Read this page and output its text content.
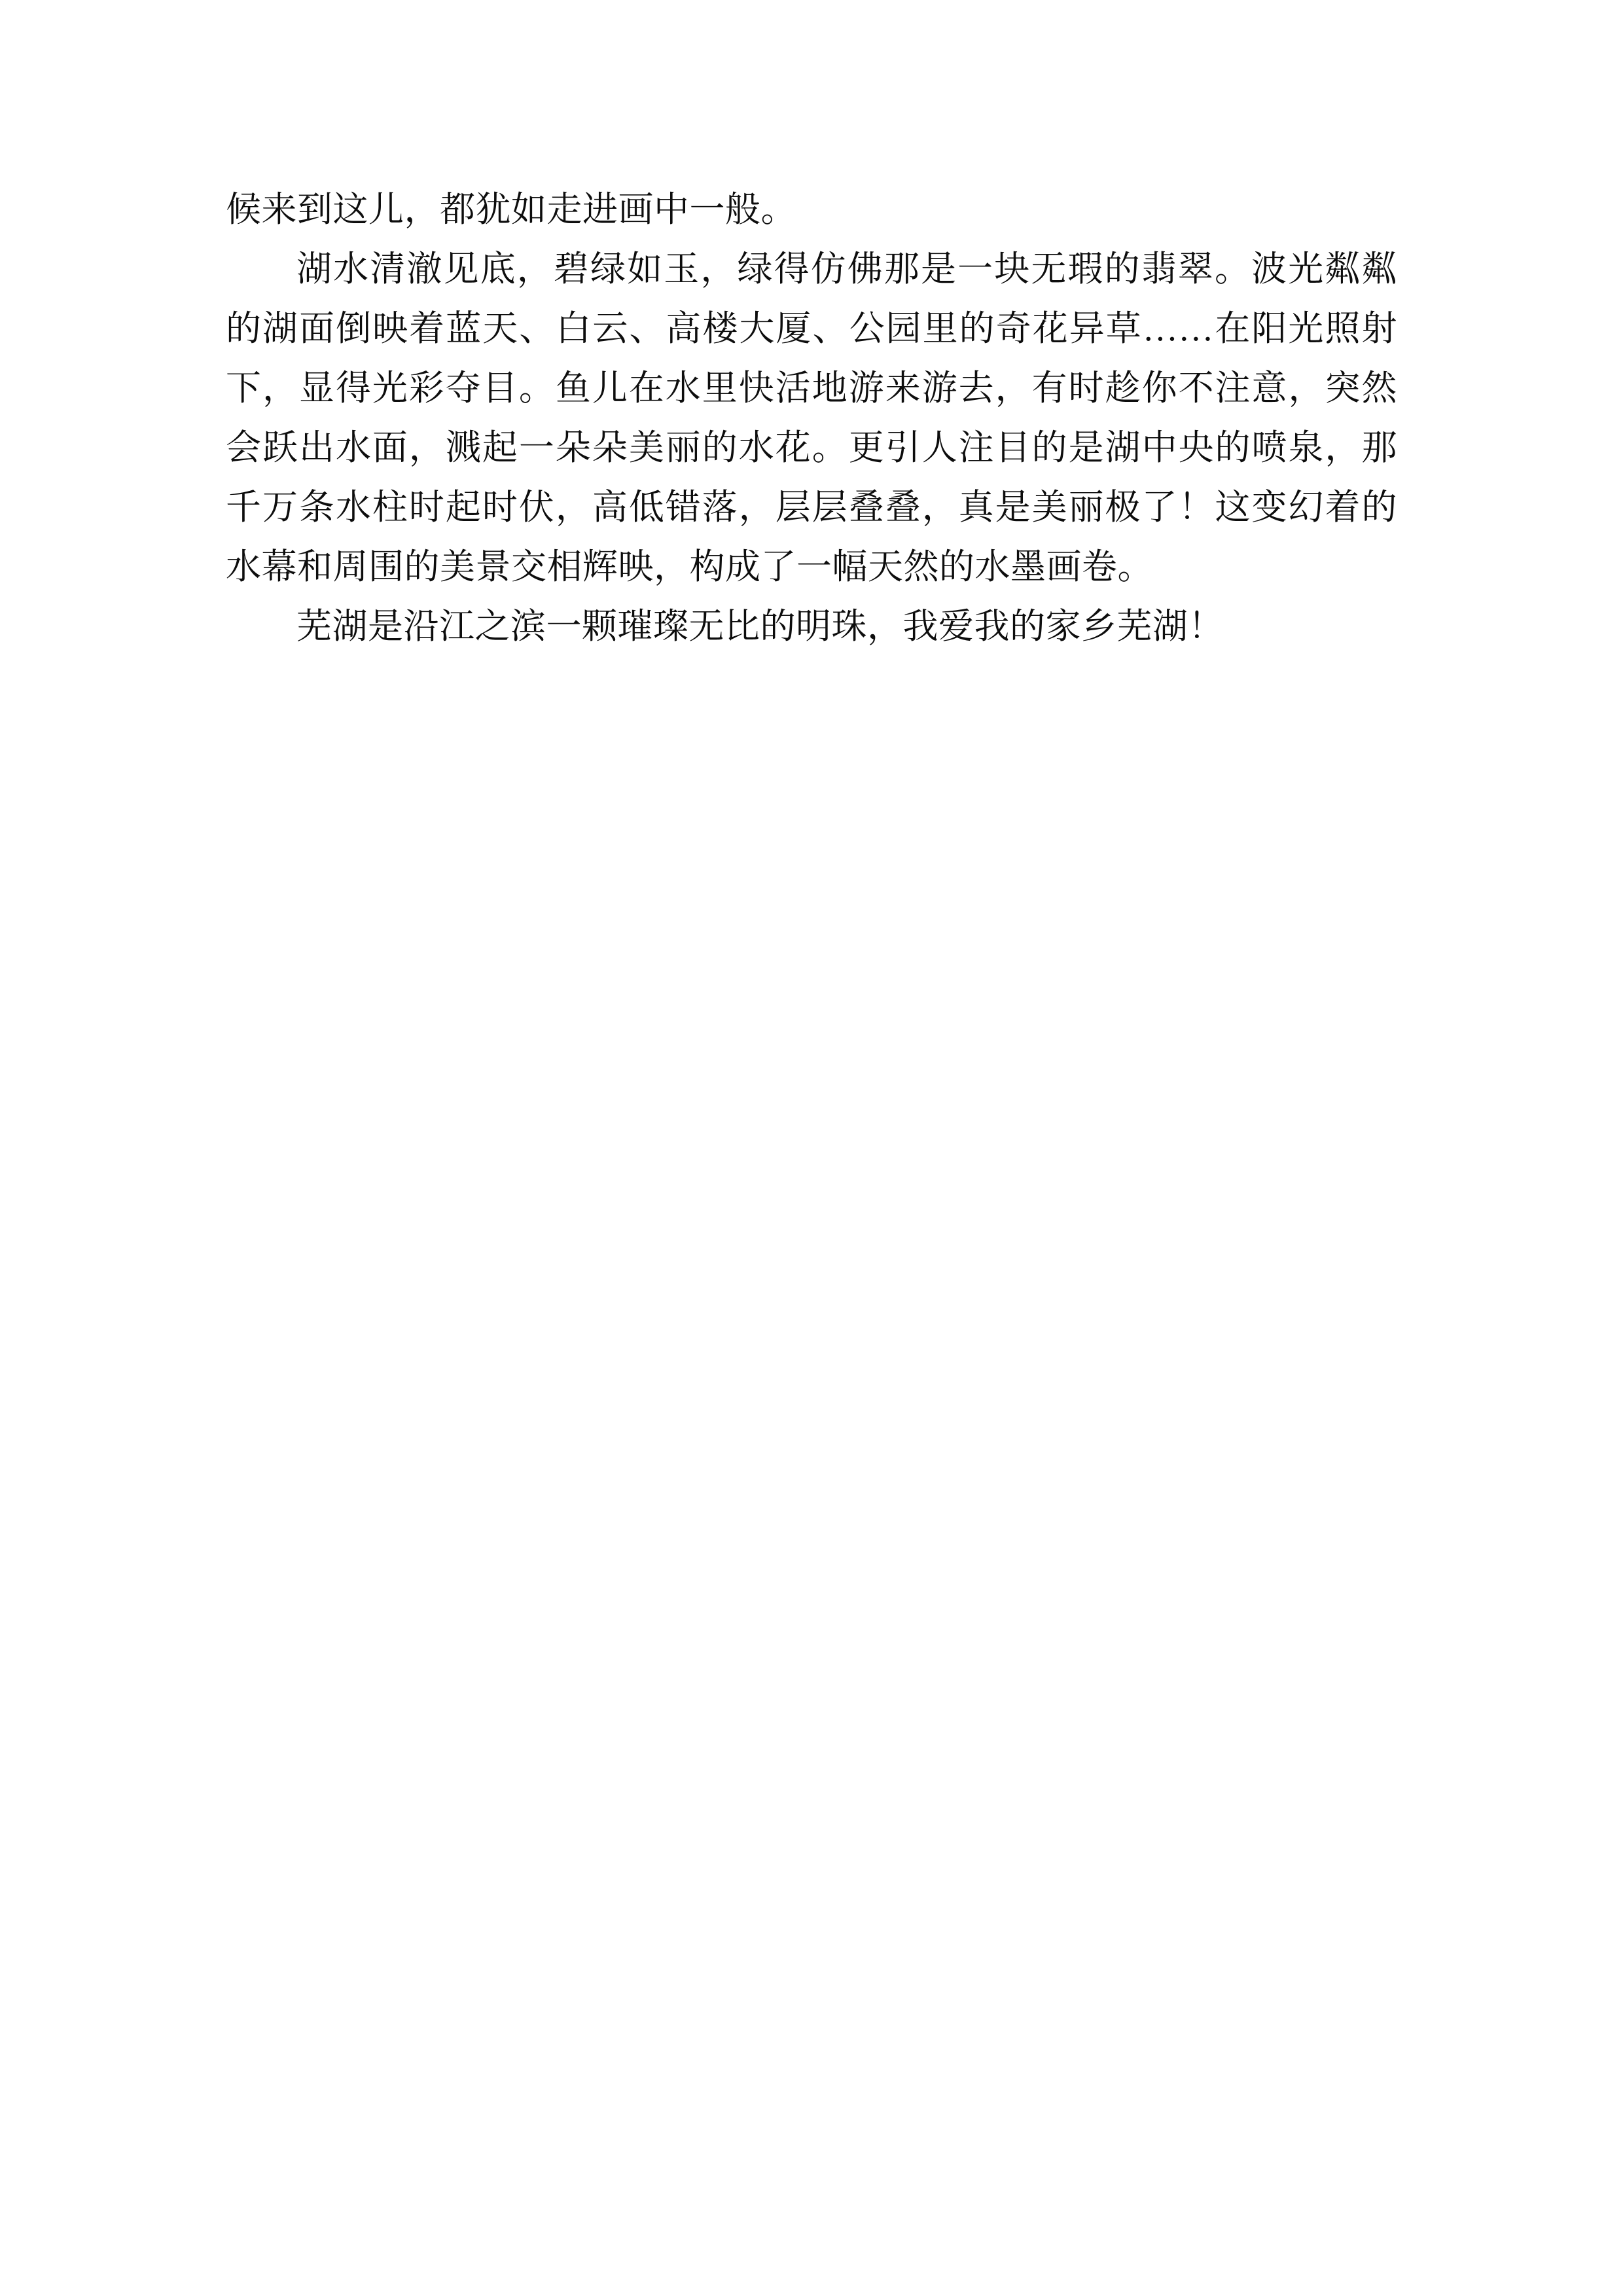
候来到这儿，都犹如走进画中一般。

湖水清澈见底，碧绿如玉，绿得仿佛那是一块无瑕的翡翠。波光粼粼的湖面倒映着蓝天、白云、高楼大厦、公园里的奇花异草……在阳光照射下，显得光彩夺目。鱼儿在水里快活地游来游去，有时趁你不注意，突然会跃出水面，溅起一朵朵美丽的水花。更引人注目的是湖中央的喷泉，那千万条水柱时起时伏，高低错落，层层叠叠，真是美丽极了！这变幻着的水幕和周围的美景交相辉映，构成了一幅天然的水墨画卷。

芜湖是沿江之滨一颗璀璨无比的明珠，我爱我的家乡芜湖！
